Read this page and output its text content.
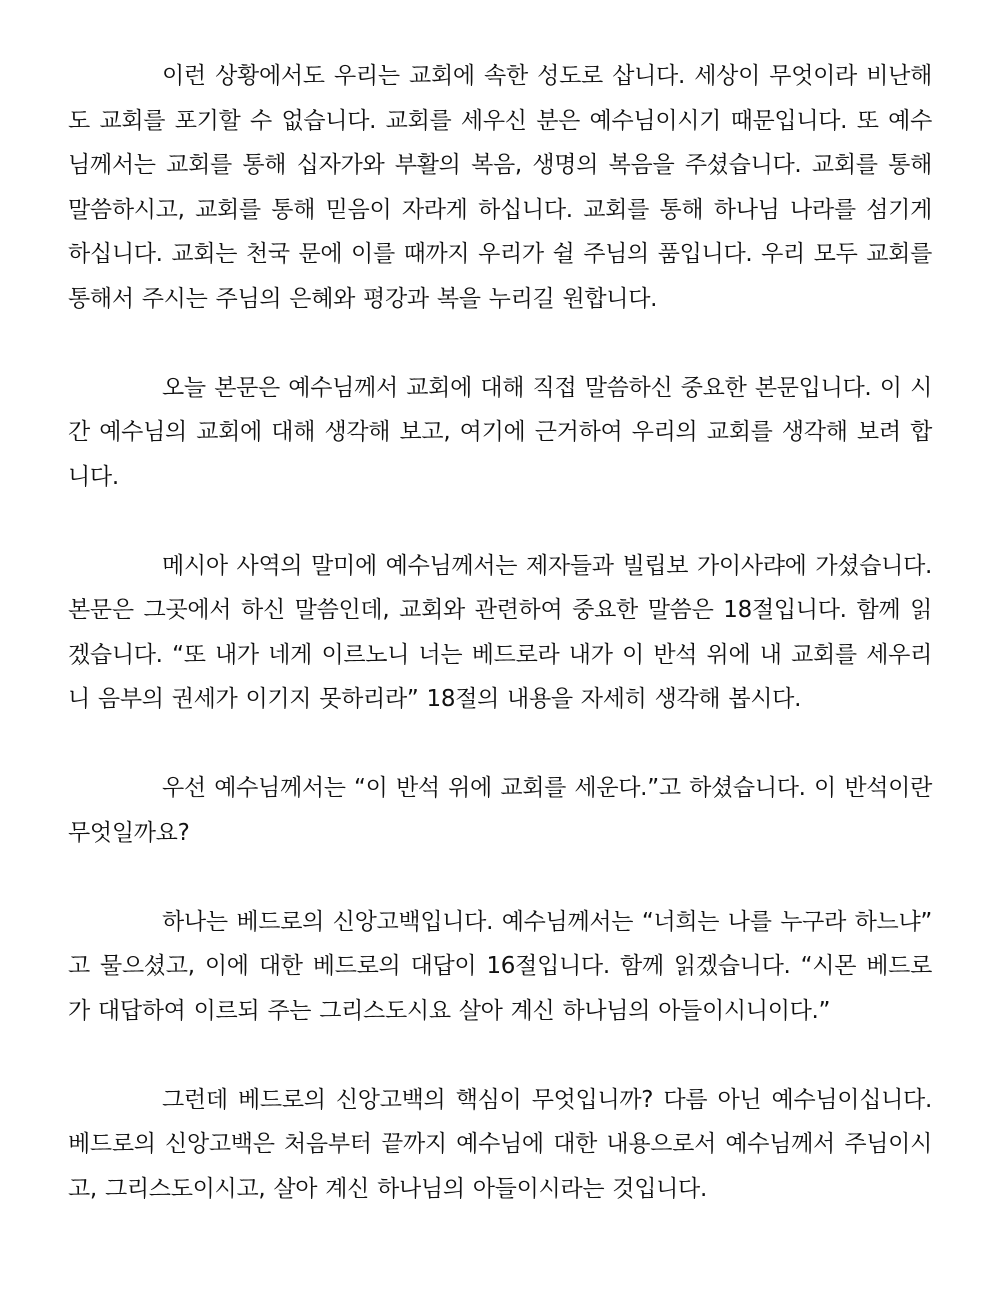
이런 상황에서도 우리는 교회에 속한 성도로 삽니다. 세상이 무엇이라 비난해도 교회를 포기할 수 없습니다. 교회를 세우신 분은 예수님이시기 때문입니다. 또 예수님께서는 교회를 통해 십자가와 부활의 복음, 생명의 복음을 주셨습니다. 교회를 통해 말씀하시고, 교회를 통해 믿음이 자라게 하십니다. 교회를 통해 하나님 나라를 섬기게 하십니다. 교회는 천국 문에 이를 때까지 우리가 쉴 주님의 품입니다. 우리 모두 교회를 통해서 주시는 주님의 은혜와 평강과 복을 누리길 원합니다.

오늘 본문은 예수님께서 교회에 대해 직접 말씀하신 중요한 본문입니다. 이 시간 예수님의 교회에 대해 생각해 보고, 여기에 근거하여 우리의 교회를 생각해 보려 합니다.

메시아 사역의 말미에 예수님께서는 제자들과 빌립보 가이사랴에 가셨습니다. 본문은 그곳에서 하신 말씀인데, 교회와 관련하여 중요한 말씀은 18절입니다. 함께 읽겠습니다. “또 내가 네게 이르노니 너는 베드로라 내가 이 반석 위에 내 교회를 세우리니 음부의 권세가 이기지 못하리라” 18절의 내용을 자세히 생각해 봅시다.

우선 예수님께서는 “이 반석 위에 교회를 세운다.”고 하셨습니다. 이 반석이란 무엇일까요?

하나는 베드로의 신앙고백입니다. 예수님께서는 “너희는 나를 누구라 하느냐”고 물으셨고, 이에 대한 베드로의 대답이 16절입니다. 함께 읽겠습니다. “시몬 베드로가 대답하여 이르되 주는 그리스도시요 살아 계신 하나님의 아들이시니이다.”

그런데 베드로의 신앙고백의 핵심이 무엇입니까? 다름 아닌 예수님이십니다. 베드로의 신앙고백은 처음부터 끝까지 예수님에 대한 내용으로서 예수님께서 주님이시고, 그리스도이시고, 살아 계신 하나님의 아들이시라는 것입니다.
